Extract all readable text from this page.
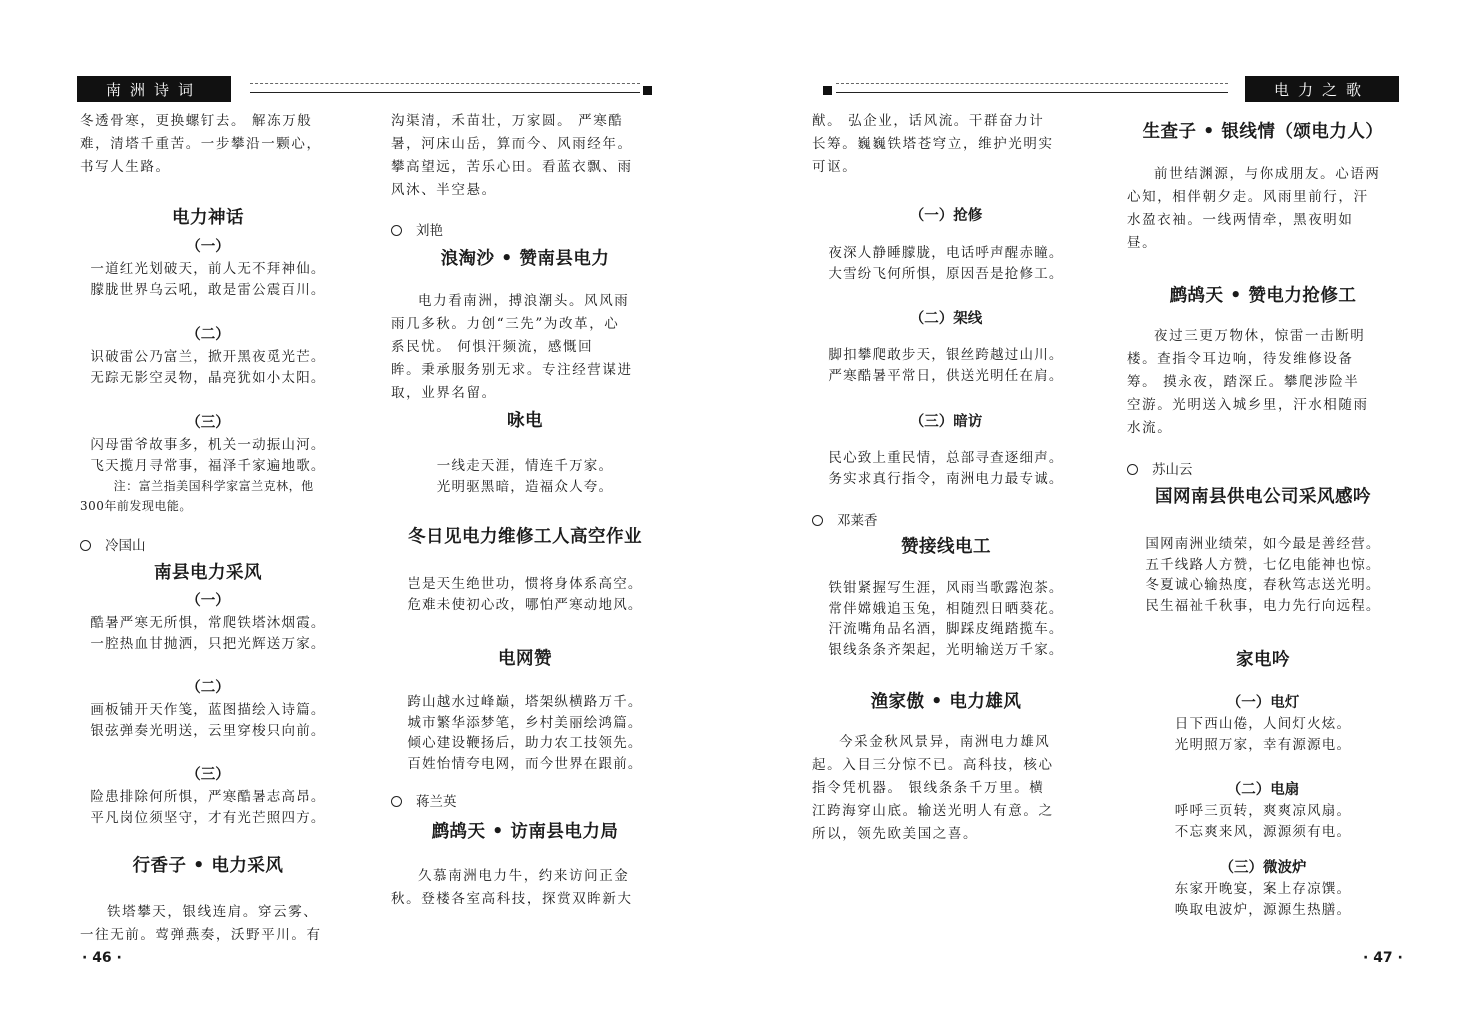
南洲诗词

冬透骨寒，更换螺钉去。 解冻万般

难，清塔千重苦。一步攀沿一颗心，

书写人生路。

电力神话

（一）

一道红光划破天，前人无不拜神仙。

朦胧世界乌云吼，敢是雷公震百川。

（二）

识破雷公乃富兰，掀开黑夜觅光芒。

无踪无影空灵物，晶亮犹如小太阳。

（三）

闪母雷爷故事多，机关一动振山河。

飞天揽月寻常事，福泽千家遍地歌。

注：富兰指美国科学家富兰克林，他

300年前发现电能。

冷国山

南县电力采风

（一）

酷暑严寒无所惧，常爬铁塔沐烟霞。

一腔热血甘抛洒，只把光辉送万家。

（二）

画板铺开天作笺，蓝图描绘入诗篇。

银弦弹奏光明送，云里穿梭只向前。

（三）

险患排除何所惧，严寒酷暑志高昂。

平凡岗位须坚守，才有光芒照四方。

行香子 • 电力采风

铁塔攀天，银线连肩。穿云雾、

一往无前。莺弹燕奏，沃野平川。有

沟渠清，禾苗壮，万家圆。 严寒酷

暑，河床山岳，算而今、风雨经年。

攀高望远，苦乐心田。看蓝衣飘、雨

风沐、半空悬。

刘艳

浪淘沙 • 赞南县电力

电力看南洲，搏浪潮头。风风雨

雨几多秋。力创“三先”为改革，心

系民忧。 何惧汗频流，感慨回

眸。秉承服务别无求。专注经营谋进

取，业界名留。

咏电

一线走天涯，情连千万家。

光明驱黑暗，造福众人夸。

冬日见电力维修工人高空作业

岂是天生绝世功，惯将身体系高空。

危难未使初心改，哪怕严寒动地风。

电网赞

跨山越水过峰巅，塔架纵横路万千。

城市繁华添梦笔，乡村美丽绘鸿篇。

倾心建设鞭扬后，助力农工技领先。

百姓怡情夸电网，而今世界在跟前。

蒋兰英

鹧鸪天 • 访南县电力局

久慕南洲电力牛，约来访问正金

秋。登楼各室高科技，探赏双眸新大

· 46 ·
电力之歌

猷。 弘企业，话风流。干群奋力计

长筹。巍巍铁塔苍穹立，维护光明实

可讴。

（一）抢修

夜深人静睡朦胧，电话呼声醒赤瞳。

大雪纷飞何所惧，原因吾是抢修工。

（二）架线

脚扣攀爬敢步天，银丝跨越过山川。

严寒酷暑平常日，供送光明任在肩。

（三）暗访

民心致上重民情，总部寻查逐细声。

务实求真行指令，南洲电力最专诚。

邓莱香

赞接线电工

铁钳紧握写生涯，风雨当歌露泡茶。

常伴嫦娥追玉兔，相随烈日晒葵花。

汗流嘴角品名酒，脚踩皮绳踏揽车。

银线条条齐架起，光明输送万千家。

渔家傲 • 电力雄风

今采金秋风景异，南洲电力雄风

起。入目三分惊不已。高科技，核心

指令凭机器。 银线条条千万里。横

江跨海穿山底。输送光明人有意。之

所以，领先欧美国之喜。

生查子 • 银线情（颂电力人）

前世结渊源，与你成朋友。心语两

心知，相伴朝夕走。风雨里前行，汗

水盈衣袖。一线两情牵，黑夜明如

昼。

鹧鸪天 • 赞电力抢修工

夜过三更万物休，惊雷一击断明

楼。查指令耳边响，待发维修设备

筹。 摸永夜，踏深丘。攀爬涉险半

空游。光明送入城乡里，汗水相随雨

水流。

苏山云

国网南县供电公司采风感吟

国网南洲业绩荣，如今最是善经营。

五千线路人方赞，七亿电能神也惊。

冬夏诚心输热度，春秋笃志送光明。

民生福祉千秋事，电力先行向远程。

家电吟

（一）电灯

日下西山倦，人间灯火炫。

光明照万家，幸有源源电。

（二）电扇

呼呼三页转，爽爽凉风扇。

不忘爽来风，源源须有电。

（三）微波炉

东家开晚宴，案上存凉馔。

唤取电波炉，源源生热膳。

· 47 ·
